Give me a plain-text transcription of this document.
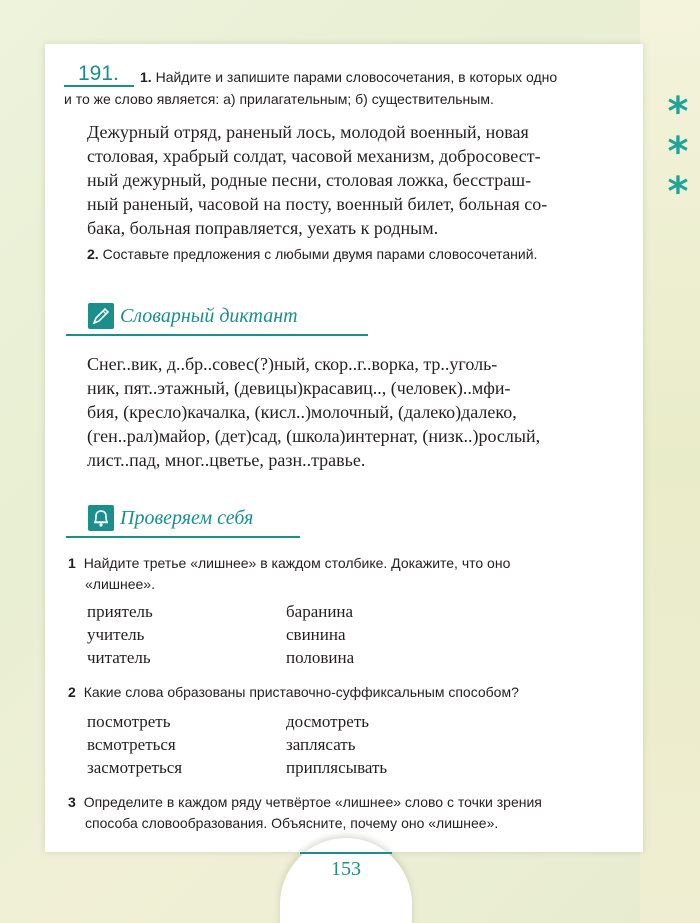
*
*
*
191. 1. Найдите и запишите парами словосочетания, в которых одно
и то же слово является: а) прилагательным; б) существительным.
Дежурный отряд, раненый лось, молодой военный, новая
столовая, храбрый солдат, часовой механизм, добросовест-
ный дежурный, родные песни, столовая ложка, бесстраш-
ный раненый, часовой на посту, военный билет, больная со-
бака, больная поправляется, уехать к родным.
2. Составьте предложения с любыми двумя парами словосочетаний.
Словарный диктант
Снег..вик, д..бр..совес(?)ный, скор..г..ворка, тр..уголь-
ник, пят..этажный, (девицы)красавиц.., (человек)..мфи-
бия, (кресло)качалка, (кисл..)молочный, (далеко)далеко,
(ген..рал)майор, (дет)сад, (школа)интернат, (низк..)рослый,
лист..пад, мног..цветье, разн..травье.
Проверяем себя
1 Найдите третье «лишнее» в каждом столбике. Докажите, что оно
«лишнее».
приятель
учитель
читатель
баранина
свинина
половина
2 Какие слова образованы приставочно-суффиксальным способом?
посмотреть
всмотреться
засмотреться
досмотреть
заплясать
приплясывать
3 Определите в каждом ряду четвёртое «лишнее» слово с точки зрения
способа словообразования. Объясните, почему оно «лишнее».
153
